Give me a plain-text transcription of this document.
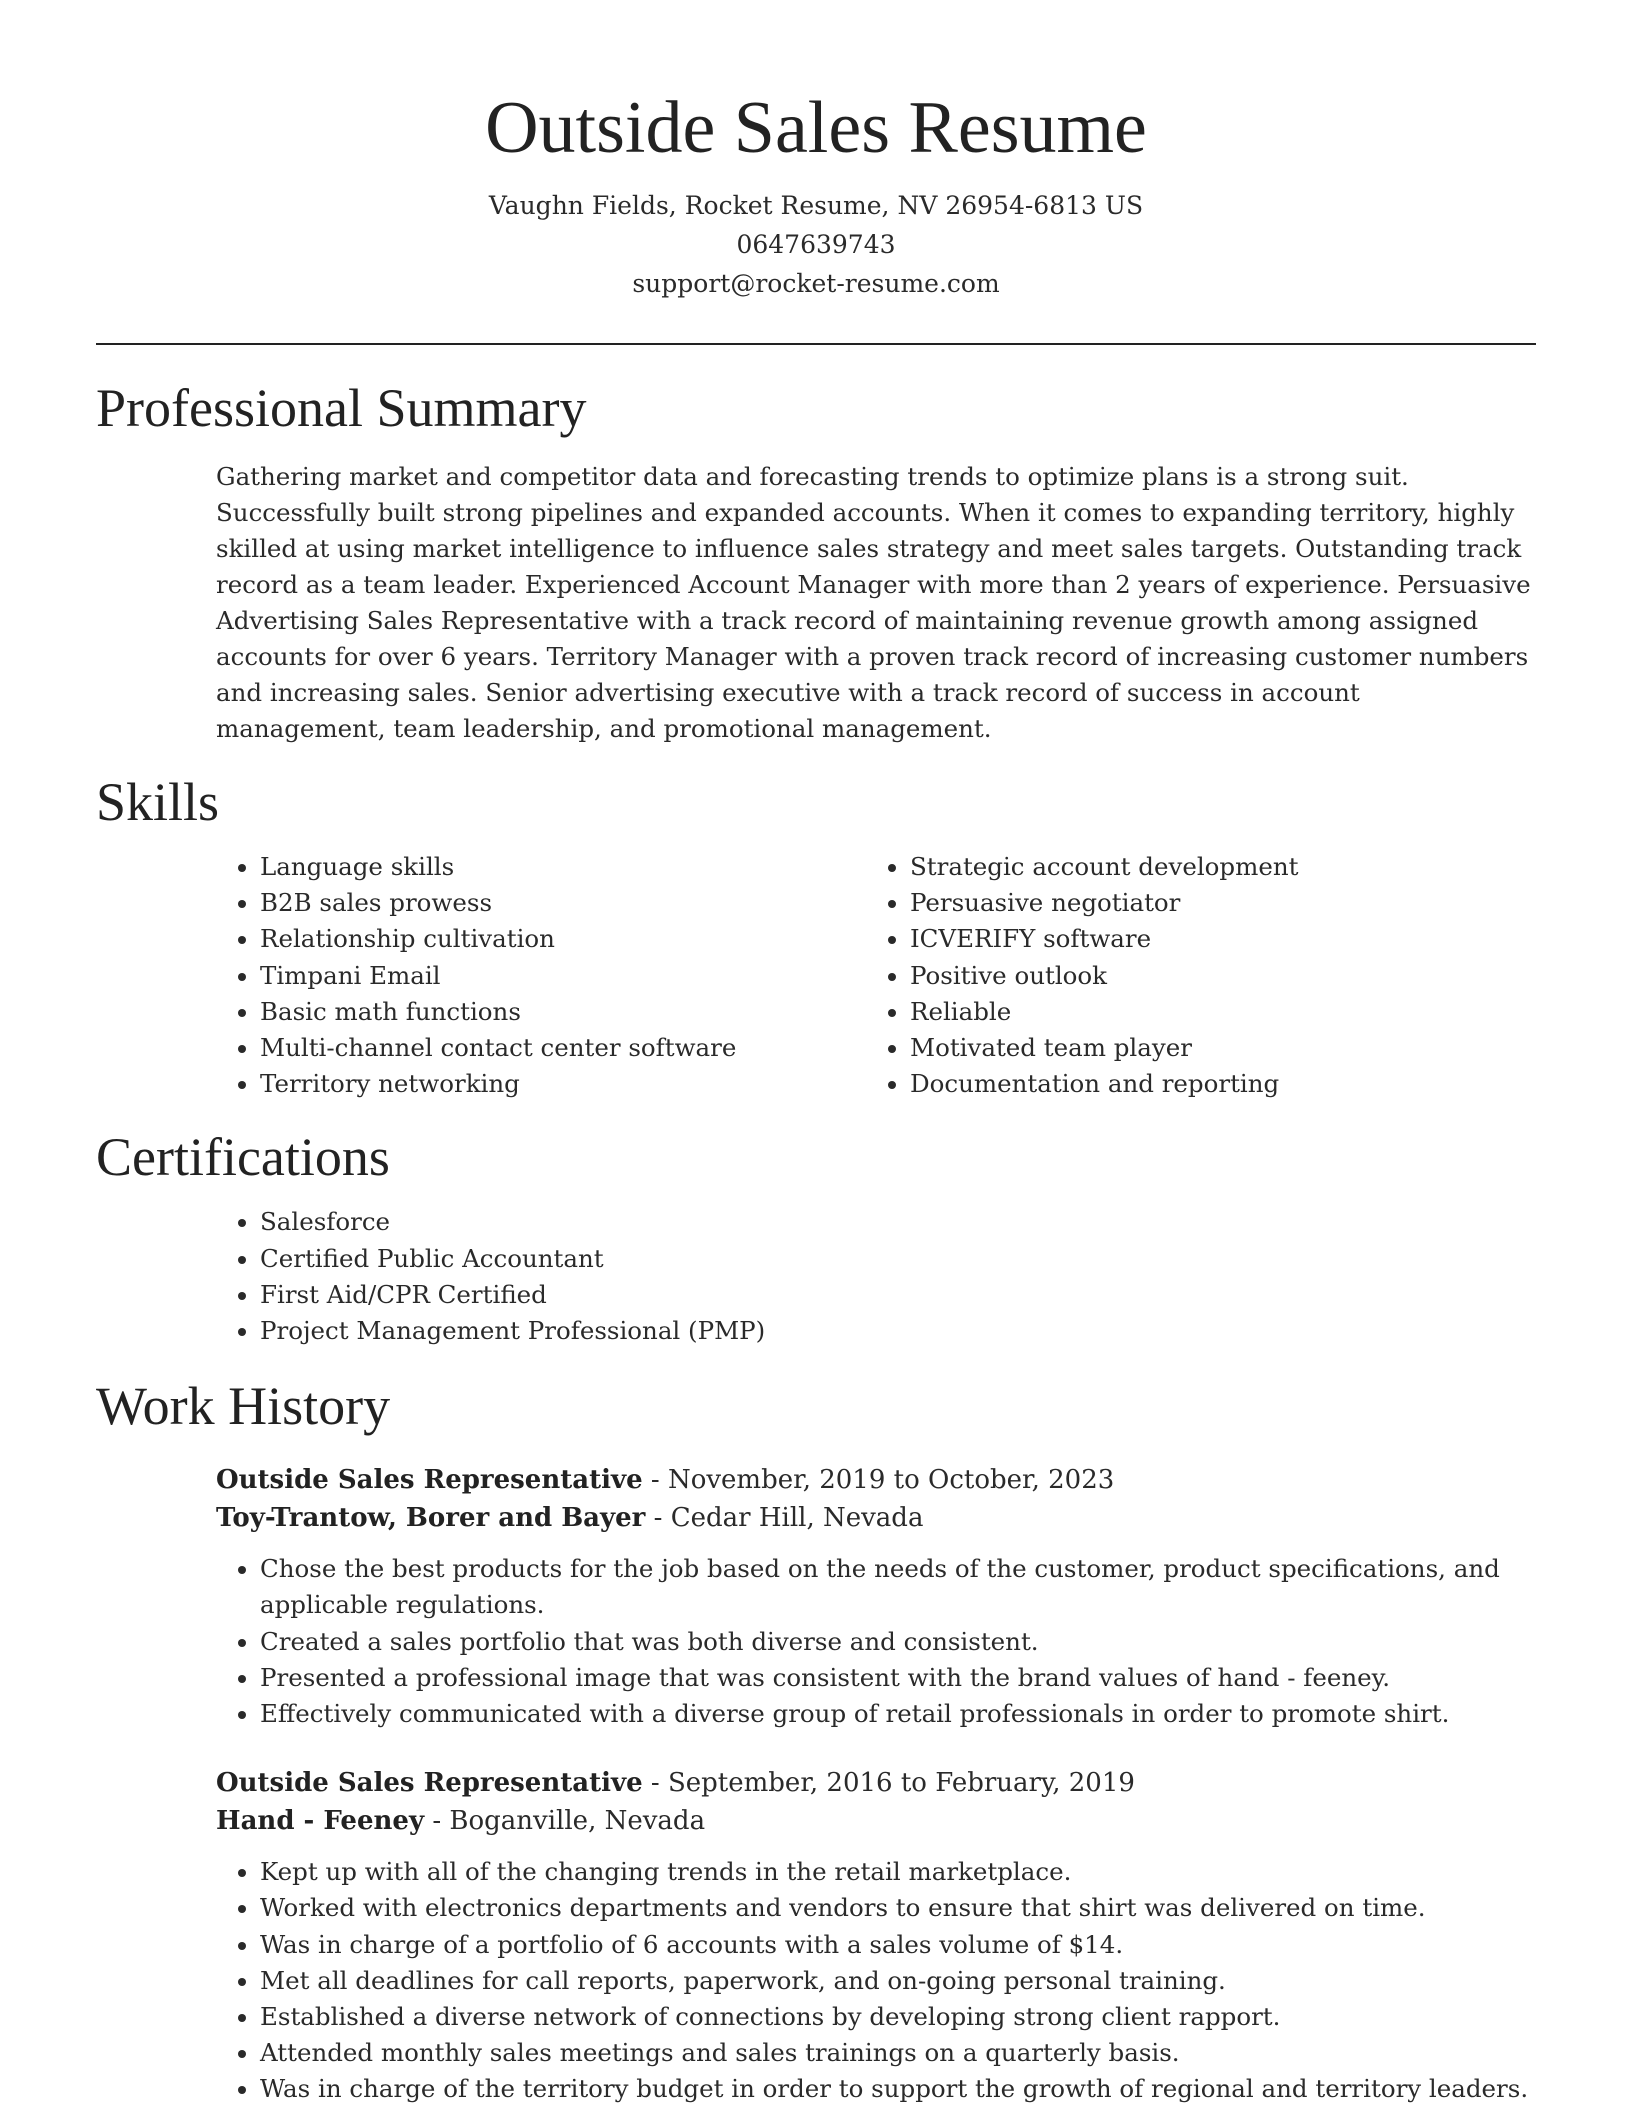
Outside Sales Resume
Vaughn Fields, Rocket Resume, NV 26954-6813 US
0647639743
support@rocket-resume.com
Professional Summary

Gathering market and competitor data and forecasting trends to optimize plans is a strong suit. Successfully built strong pipelines and expanded accounts. When it comes to expanding territory, highly skilled at using market intelligence to influence sales strategy and meet sales targets. Outstanding track record as a team leader. Experienced Account Manager with more than 2 years of experience. Persuasive Advertising Sales Representative with a track record of maintaining revenue growth among assigned accounts for over 6 years. Territory Manager with a proven track record of increasing customer numbers and increasing sales. Senior advertising executive with a track record of success in account management, team leadership, and promotional management.

Skills
• Language skills
• B2B sales prowess
• Relationship cultivation
• Timpani Email
• Basic math functions
• Multi-channel contact center software
• Territory networking
• Strategic account development
• Persuasive negotiator
• ICVERIFY software
• Positive outlook
• Reliable
• Motivated team player
• Documentation and reporting
Certifications
• Salesforce
• Certified Public Accountant
• First Aid/CPR Certified
• Project Management Professional (PMP)
Work History
Outside Sales Representative - November, 2019 to October, 2023
Toy-Trantow, Borer and Bayer - Cedar Hill, Nevada
• Chose the best products for the job based on the needs of the customer, product specifications, and applicable regulations.
• Created a sales portfolio that was both diverse and consistent.
• Presented a professional image that was consistent with the brand values of hand - feeney.
• Effectively communicated with a diverse group of retail professionals in order to promote shirt.
Outside Sales Representative - September, 2016 to February, 2019
Hand - Feeney - Boganville, Nevada
• Kept up with all of the changing trends in the retail marketplace.
• Worked with electronics departments and vendors to ensure that shirt was delivered on time.
• Was in charge of a portfolio of 6 accounts with a sales volume of $14.
• Met all deadlines for call reports, paperwork, and on-going personal training.
• Established a diverse network of connections by developing strong client rapport.
• Attended monthly sales meetings and sales trainings on a quarterly basis.
• Was in charge of the territory budget in order to support the growth of regional and territory leaders.
